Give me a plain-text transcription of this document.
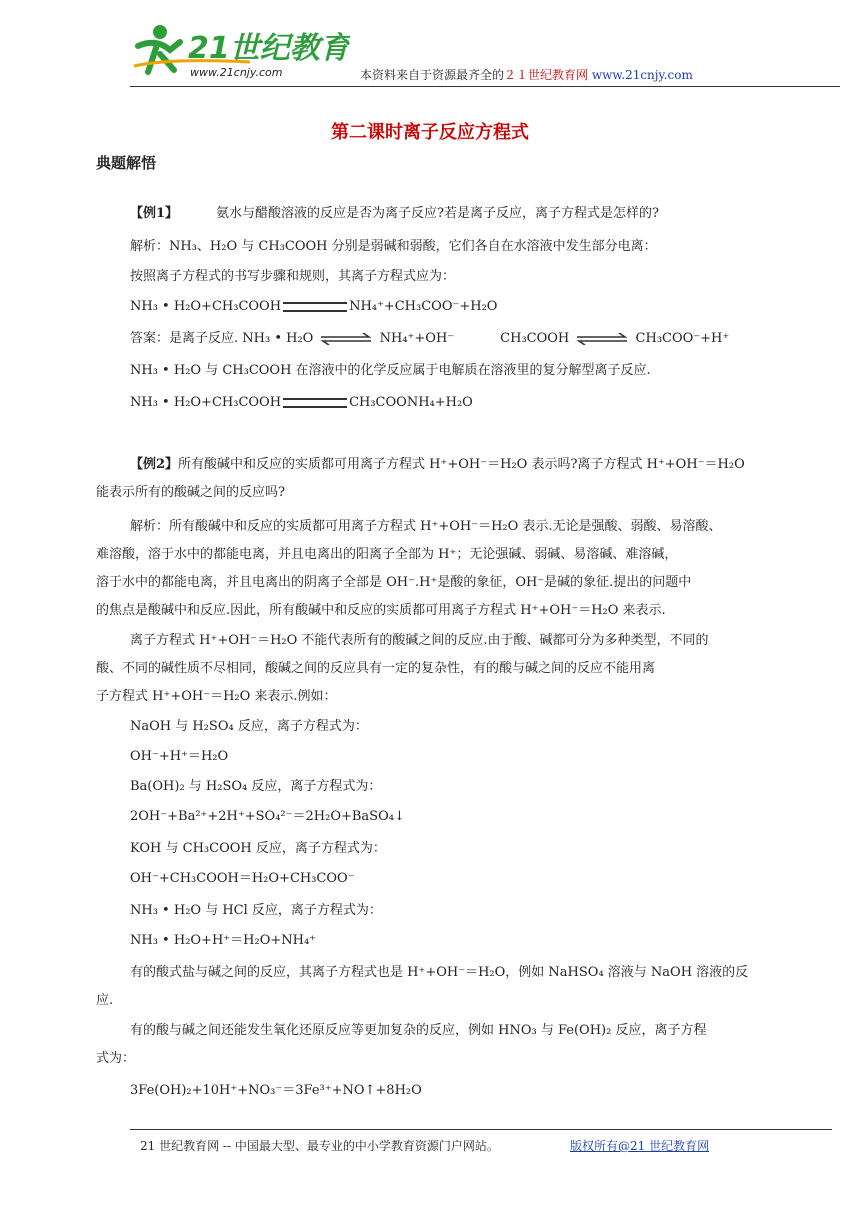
21世纪教育
www.21cnjy.com	本资料来自于资源最齐全的２１世纪教育网 www.21cnjy.com
第二课时离子反应方程式
典题解悟
【例1】	氨水与醋酸溶液的反应是否为离子反应?若是离子反应，离子方程式是怎样的?
解析：NH₃、H₂O 与 CH₃COOH 分别是弱碱和弱酸，它们各自在水溶液中发生部分电离：
按照离子方程式的书写步骤和规则，其离子方程式应为：
NH₃ • H₂O+CH₃COOH	NH₄⁺+CH₃COO⁻+H₂O
答案：是离子反应. NH₃ • H₂O	NH₄⁺+OH⁻	CH₃COOH	CH₃COO⁻+H⁺
NH₃ • H₂O 与 CH₃COOH 在溶液中的化学反应属于电解质在溶液里的复分解型离子反应.
NH₃ • H₂O+CH₃COOH	CH₃COONH₄+H₂O
【例2】所有酸碱中和反应的实质都可用离子方程式 H⁺+OH⁻＝H₂O 表示吗?离子方程式 H⁺+OH⁻＝H₂O
能表示所有的酸碱之间的反应吗?
解析：所有酸碱中和反应的实质都可用离子方程式 H⁺+OH⁻＝H₂O 表示.无论是强酸、弱酸、易溶酸、
难溶酸，溶于水中的都能电离，并且电离出的阳离子全部为 H⁺；无论强碱、弱碱、易溶碱、难溶碱，
溶于水中的都能电离，并且电离出的阴离子全部是 OH⁻.H⁺是酸的象征，OH⁻是碱的象征.提出的问题中
的焦点是酸碱中和反应.因此，所有酸碱中和反应的实质都可用离子方程式 H⁺+OH⁻＝H₂O 来表示.
离子方程式 H⁺+OH⁻＝H₂O 不能代表所有的酸碱之间的反应.由于酸、碱都可分为多种类型，不同的
酸、不同的碱性质不尽相同，酸碱之间的反应具有一定的复杂性，有的酸与碱之间的反应不能用离
子方程式 H⁺+OH⁻＝H₂O 来表示.例如：
NaOH 与 H₂SO₄ 反应，离子方程式为：
OH⁻+H⁺＝H₂O
Ba(OH)₂ 与 H₂SO₄ 反应，离子方程式为：
2OH⁻+Ba²⁺+2H⁺+SO₄²⁻＝2H₂O+BaSO₄↓
KOH 与 CH₃COOH 反应，离子方程式为：
OH⁻+CH₃COOH＝H₂O+CH₃COO⁻
NH₃ • H₂O 与 HCl 反应，离子方程式为：
NH₃ • H₂O+H⁺＝H₂O+NH₄⁺
有的酸式盐与碱之间的反应，其离子方程式也是 H⁺+OH⁻＝H₂O，例如 NaHSO₄ 溶液与 NaOH 溶液的反
应.
有的酸与碱之间还能发生氧化还原反应等更加复杂的反应，例如 HNO₃ 与 Fe(OH)₂ 反应，离子方程
式为：
3Fe(OH)₂+10H⁺+NO₃⁻＝3Fe³⁺+NO↑+8H₂O
21 世纪教育网 -- 中国最大型、最专业的中小学教育资源门户网站。	版权所有@21 世纪教育网
